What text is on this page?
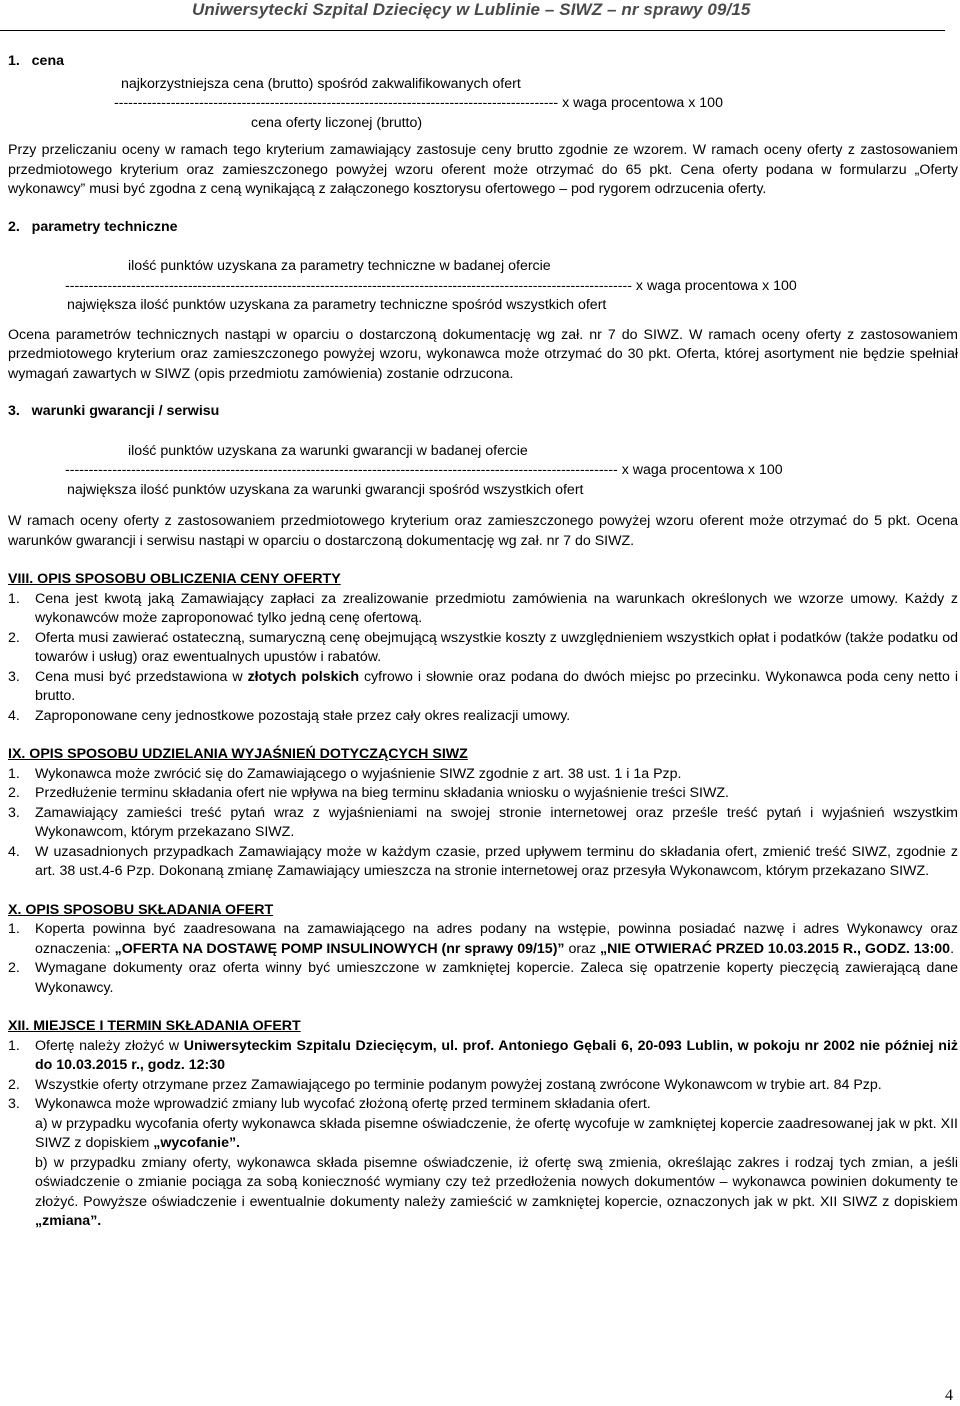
Uniwersytecki Szpital Dziecięcy w Lublinie – SIWZ – nr sprawy 09/15
1.   cena
najkorzystniejsza cena (brutto) spośród zakwalifikowanych ofert
---------------------------------------------------------------------------------------------- x waga procentowa x 100
cena oferty liczonej (brutto)

Przy przeliczaniu oceny w ramach tego kryterium zamawiający zastosuje ceny brutto zgodnie ze wzorem. W ramach oceny oferty z zastosowaniem przedmiotowego kryterium oraz zamieszczonego powyżej wzoru oferent może otrzymać do 65 pkt. Cena oferty podana w formularzu „Oferty wykonawcy” musi być zgodna z ceną wynikającą z załączonego kosztorysu ofertowego – pod rygorem odrzucenia oferty.

2.   parametry techniczne
ilość punktów uzyskana za parametry techniczne w badanej ofercie
------------------------------------------------------------------------------------------------------------------------ x waga procentowa x 100
największa ilość punktów uzyskana za parametry techniczne spośród wszystkich ofert

Ocena parametrów technicznych nastąpi w oparciu o dostarczoną dokumentację wg zał. nr 7 do SIWZ. W ramach oceny oferty z zastosowaniem przedmiotowego kryterium oraz zamieszczonego powyżej wzoru, wykonawca może otrzymać do 30 pkt. Oferta, której asortyment nie będzie spełniał wymagań zawartych w SIWZ (opis przedmiotu zamówienia) zostanie odrzucona.

3.   warunki gwarancji / serwisu
ilość punktów uzyskana za warunki gwarancji w badanej ofercie
--------------------------------------------------------------------------------------------------------------------- x waga procentowa x 100
największa ilość punktów uzyskana za warunki gwarancji spośród wszystkich ofert

W ramach oceny oferty z zastosowaniem przedmiotowego kryterium oraz zamieszczonego powyżej wzoru oferent może otrzymać do 5 pkt. Ocena warunków gwarancji i serwisu nastąpi w oparciu o dostarczoną dokumentację wg zał. nr 7 do SIWZ.

VIII. OPIS SPOSOBU OBLICZENIA CENY OFERTY
1. Cena jest kwotą jaką Zamawiający zapłaci za zrealizowanie przedmiotu zamówienia na warunkach określonych we wzorze umowy. Każdy z wykonawców może zaproponować tylko jedną cenę ofertową.
2. Oferta musi zawierać ostateczną, sumaryczną cenę obejmującą wszystkie koszty z uwzględnieniem wszystkich opłat i podatków (także podatku od towarów i usług) oraz ewentualnych upustów i rabatów.
3. Cena musi być przedstawiona w złotych polskich cyfrowo i słownie oraz podana do dwóch miejsc po przecinku. Wykonawca poda ceny netto i brutto.
4. Zaproponowane ceny jednostkowe pozostają stałe przez cały okres realizacji umowy.
IX. OPIS SPOSOBU UDZIELANIA WYJAŚNIEŃ DOTYCZĄCYCH SIWZ
1. Wykonawca może zwrócić się do Zamawiającego o wyjaśnienie SIWZ zgodnie z art. 38 ust. 1 i 1a Pzp.
2. Przedłużenie terminu składania ofert nie wpływa na bieg terminu składania wniosku o wyjaśnienie treści SIWZ.
3. Zamawiający zamieści treść pytań wraz z wyjaśnieniami na swojej stronie internetowej oraz prześle treść pytań i wyjaśnień wszystkim Wykonawcom, którym przekazano SIWZ.
4. W uzasadnionych przypadkach Zamawiający może w każdym czasie, przed upływem terminu do składania ofert, zmienić treść SIWZ, zgodnie z art. 38 ust.4-6 Pzp. Dokonaną zmianę Zamawiający umieszcza na stronie internetowej oraz przesyła Wykonawcom, którym przekazano SIWZ.
X. OPIS SPOSOBU SKŁADANIA OFERT
1. Koperta powinna być zaadresowana na zamawiającego na adres podany na wstępie, powinna posiadać nazwę i adres Wykonawcy oraz oznaczenia: „OFERTA NA DOSTAWĘ POMP INSULINOWYCH (nr sprawy 09/15)” oraz „NIE OTWIERAĆ PRZED 10.03.2015 R., GODZ. 13:00.
2. Wymagane dokumenty oraz oferta winny być umieszczone w zamkniętej kopercie. Zaleca się opatrzenie koperty pieczęcią zawierającą dane Wykonawcy.
XII. MIEJSCE I TERMIN SKŁADANIA OFERT
1. Ofertę należy złożyć w Uniwersyteckim Szpitalu Dziecięcym, ul. prof. Antoniego Gębali 6, 20-093 Lublin, w pokoju nr 2002 nie później niż do 10.03.2015 r., godz. 12:30
2. Wszystkie oferty otrzymane przez Zamawiającego po terminie podanym powyżej zostaną zwrócone Wykonawcom w trybie art. 84 Pzp.
3. Wykonawca może wprowadzić zmiany lub wycofać złożoną ofertę przed terminem składania ofert.
a) w przypadku wycofania oferty wykonawca składa pisemne oświadczenie, że ofertę wycofuje w zamkniętej kopercie zaadresowanej jak w pkt. XII SIWZ z dopiskiem „wycofanie”.
b) w przypadku zmiany oferty, wykonawca składa pisemne oświadczenie, iż ofertę swą zmienia, określając zakres i rodzaj tych zmian, a jeśli oświadczenie o zmianie pociąga za sobą konieczność wymiany czy też przedłożenia nowych dokumentów – wykonawca powinien dokumenty te złożyć. Powyższe oświadczenie i ewentualnie dokumenty należy zamieścić w zamkniętej kopercie, oznaczonych jak w pkt. XII SIWZ z dopiskiem „zmiana”.
4
